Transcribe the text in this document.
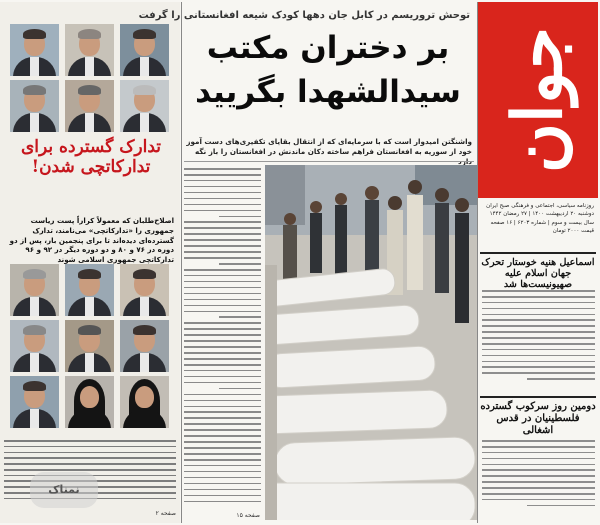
تدارک گسترده برای تدارکاتچی شدن!
اصلاح‌طلبان که معمولاً کراراً پست ریاست جمهوری را «تدارکاتچی» می‌نامند، تدارک گسترده‌ای دیده‌اند تا برای پنجمین بار، پس از دو دوره در ۷۶ و ۸۰ و دو دوره دیگر در ۹۲ و ۹۶ تدارکاتچی جمهوری اسلامی شوند
نمناک
صفحه ۲
توحش تروریسم در کابل جان دهها کودک شیعه افغانستانی را گرفت
بر دختران مکتب سیدالشهدا بگریید
واشنگتن امیدوار است که با سرمایه‌ای که از انتقال بقایای تکفیری‌های دست آموز خود از سوریه به افغانستان فراهم ساخته دکان ماندنش در افغانستان را باز نگه
صفحه ۱۵
جوان
روزنامه سیاسی، اجتماعی و فرهنگی صبح ایران
دوشنبه ۲۰ اردیبهشت ۱۴۰۰ | ۲۷ رمضان ۱۴۴۲
سال بیست و سوم | شماره ۶۲۰۳ | ۱۶ صفحه
قیمت ۲۰۰۰ تومان
اسماعیل هنیه خوستار تحرک جهان اسلام علیه صهیونیست‌ها شد
دومین روز سرکوب گسترده فلسطینیان در قدس اشغالی
